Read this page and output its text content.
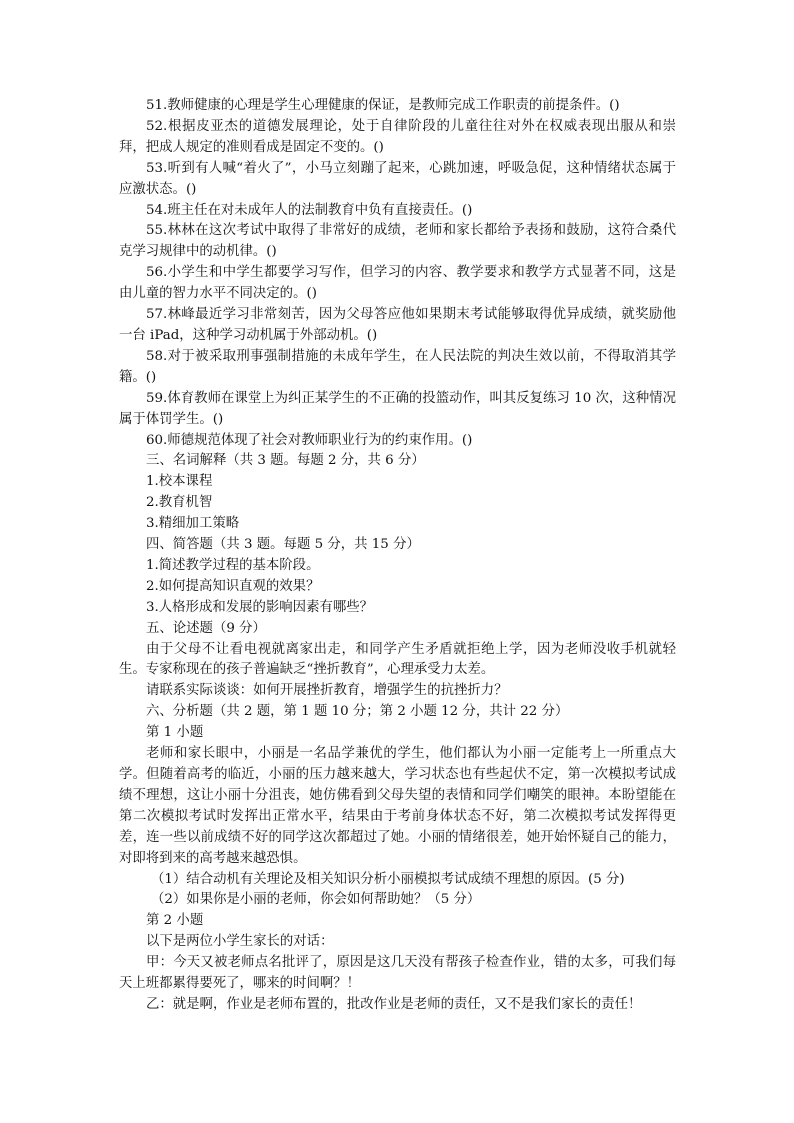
51.教师健康的心理是学生心理健康的保证，是教师完成工作职责的前提条件。()

52.根据皮亚杰的道德发展理论，处于自律阶段的儿童往往对外在权威表现出服从和崇拜，把成人规定的准则看成是固定不变的。()

53.听到有人喊“着火了”，小马立刻蹦了起来，心跳加速，呼吸急促，这种情绪状态属于应激状态。()

54.班主任在对未成年人的法制教育中负有直接责任。()

55.林林在这次考试中取得了非常好的成绩，老师和家长都给予表扬和鼓励，这符合桑代克学习规律中的动机律。()

56.小学生和中学生都要学习写作，但学习的内容、教学要求和教学方式显著不同，这是由儿童的智力水平不同决定的。()

57.林峰最近学习非常刻苦，因为父母答应他如果期末考试能够取得优异成绩，就奖励他一台 iPad，这种学习动机属于外部动机。()

58.对于被采取刑事强制措施的未成年学生，在人民法院的判决生效以前，不得取消其学籍。()

59.体育教师在课堂上为纠正某学生的不正确的投篮动作，叫其反复练习 10 次，这种情况属于体罚学生。()

60.师德规范体现了社会对教师职业行为的约束作用。()

三、名词解释（共 3 题。每题 2 分，共 6 分）

1.校本课程

2.教育机智

3.精细加工策略

四、简答题（共 3 题。每题 5 分，共 15 分）

1.简述教学过程的基本阶段。

2.如何提高知识直观的效果？

3.人格形成和发展的影响因素有哪些？

五、论述题（9 分）

由于父母不让看电视就离家出走，和同学产生矛盾就拒绝上学，因为老师没收手机就轻生。专家称现在的孩子普遍缺乏“挫折教育”，心理承受力太差。

请联系实际谈谈：如何开展挫折教育，增强学生的抗挫折力？

六、分析题（共 2 题，第 1 题 10 分；第 2 小题 12 分，共计 22 分）

第 1 小题

老师和家长眼中，小丽是一名品学兼优的学生，他们都认为小丽一定能考上一所重点大学。但随着高考的临近，小丽的压力越来越大，学习状态也有些起伏不定，第一次模拟考试成绩不理想，这让小丽十分沮丧，她仿佛看到父母失望的表情和同学们嘲笑的眼神。本盼望能在第二次模拟考试时发挥出正常水平，结果由于考前身体状态不好，第二次模拟考试发挥得更差，连一些以前成绩不好的同学这次都超过了她。小丽的情绪很差，她开始怀疑自己的能力，对即将到来的高考越来越恐惧。

（1）结合动机有关理论及相关知识分析小丽模拟考试成绩不理想的原因。(5 分)

（2）如果你是小丽的老师，你会如何帮助她？（5 分）

第 2 小题

以下是两位小学生家长的对话：

甲：今天又被老师点名批评了，原因是这几天没有帮孩子检查作业，错的太多，可我们每天上班都累得要死了，哪来的时间啊？！

乙：就是啊，作业是老师布置的，批改作业是老师的责任，又不是我们家长的责任！
